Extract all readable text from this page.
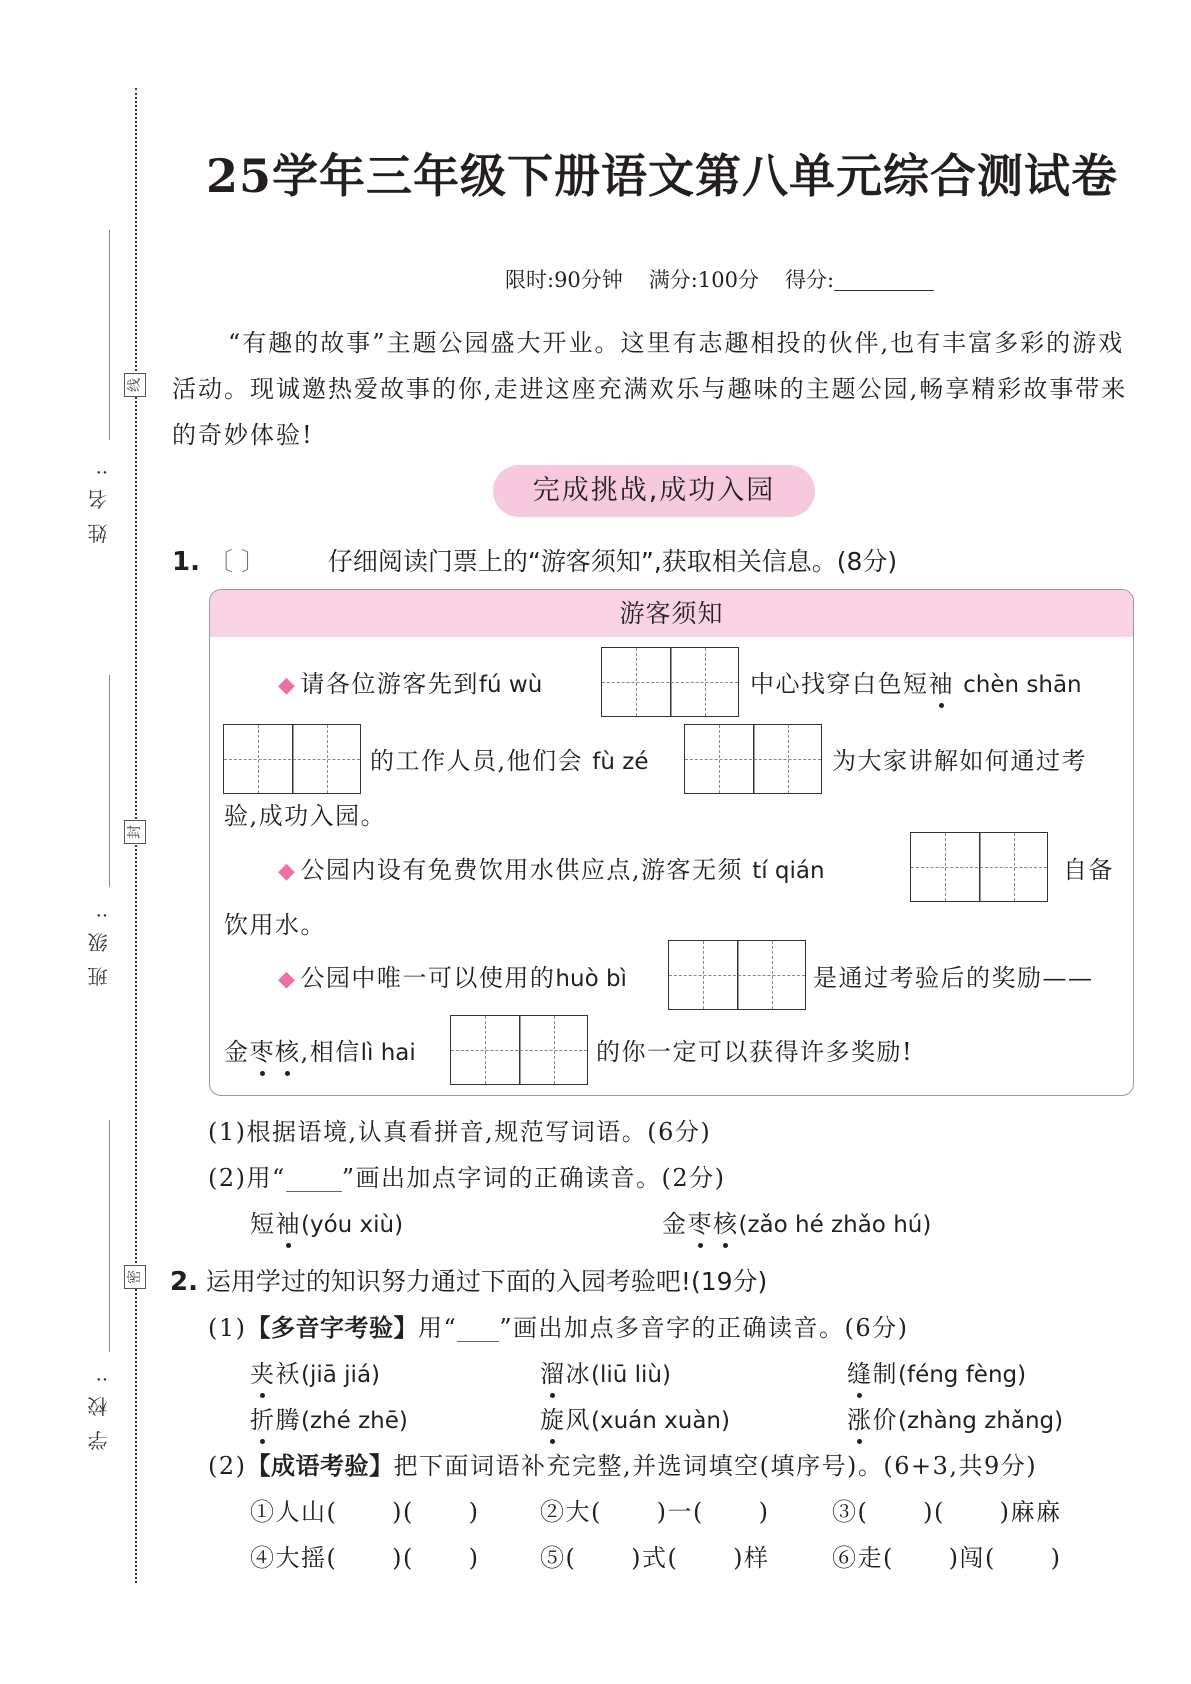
姓名:
班级:
学校:
线
封
密
25学年三年级下册语文第八单元综合测试卷
限时:90分钟 满分:100分 得分:

“有趣的故事”主题公园盛大开业。这里有志趣相投的伙伴,也有丰富多彩的游戏活动。现诚邀热爱故事的你,走进这座充满欢乐与趣味的主题公园,畅享精彩故事带来的奇妙体验!

完成挑战,成功入园
1. 〔 〕 仔细阅读门票上的“游客须知”,获取相关信息。(8分)
游客须知
◆ 请各位游客先到fú wù	中心找穿白色短袖 chèn shān
的工作人员,他们会 fù zé	为大家讲解如何通过考
验,成功入园。
◆ 公园内设有免费饮用水供应点,游客无须 tí qián	自备
饮用水。
◆ 公园中唯一可以使用的huò bì	是通过考验后的奖励——
金枣核,相信lì hai	的你一定可以获得许多奖励!
(1)根据语境,认真看拼音,规范写词语。(6分)
(2)用“ ”画出加点字词的正确读音。(2分)
短袖(yóu xiù)	金枣核(zǎo hé zhǎo hú)
2. 运用学过的知识努力通过下面的入园考验吧!(19分)
(1)【多音字考验】用“ ”画出加点多音字的正确读音。(6分)
夹袄(jiā jiá)	溜冰(liū liù)	缝制(féng fèng)
折腾(zhé zhē)	旋风(xuán xuàn)	涨价(zhàng zhǎng)
(2)【成语考验】把下面词语补充完整,并选词填空(填序号)。(6+3,共9分)
①人山(      )(      )	②大(      )一(      )	③(      )(      )麻麻
④大摇(      )(      )	⑤(      )式(      )样	⑥走(      )闯(      )
